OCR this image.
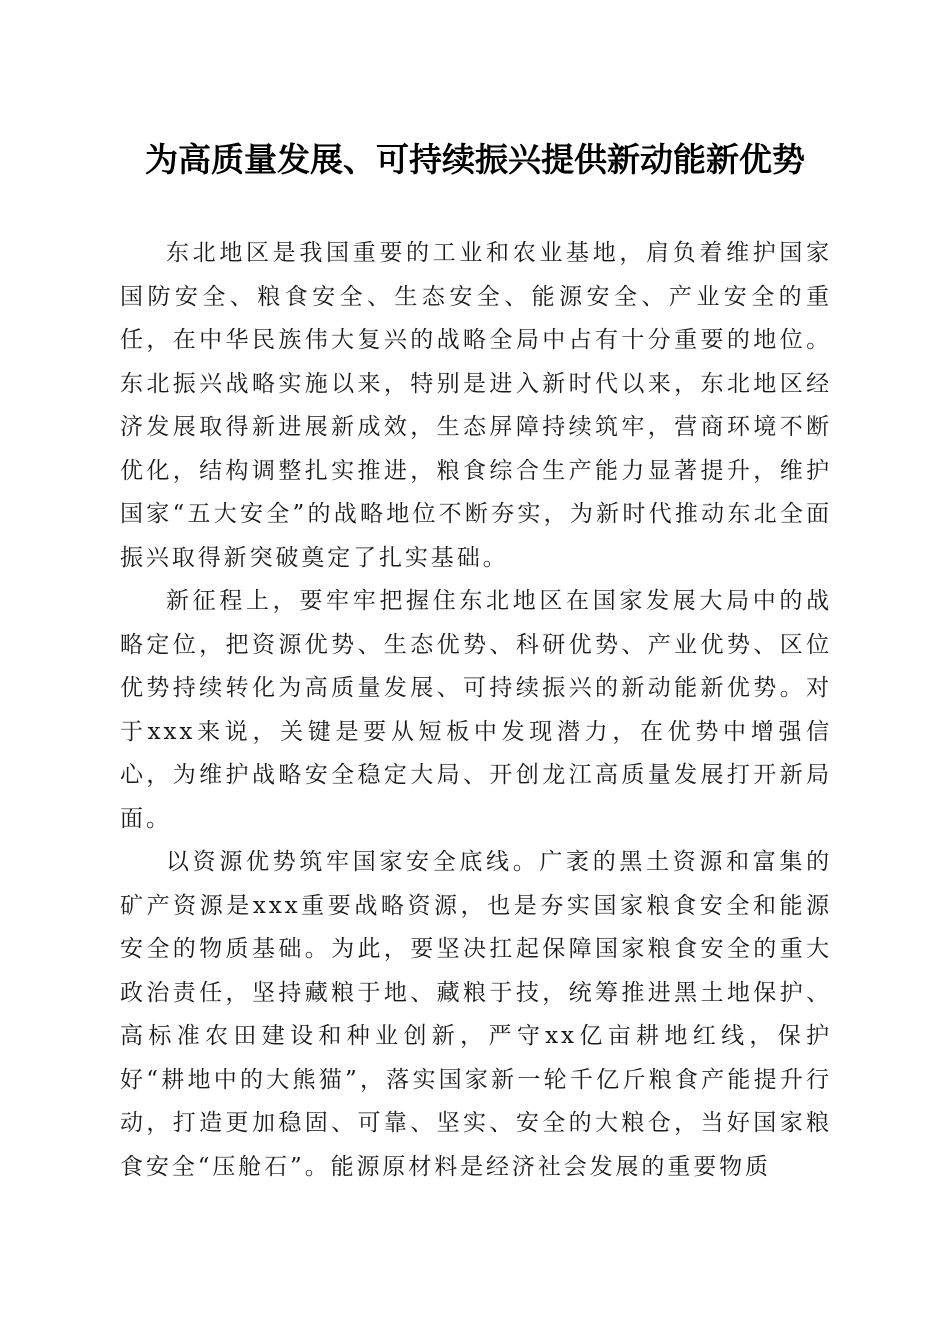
为高质量发展、可持续振兴提供新动能新优势

东北地区是我国重要的工业和农业基地，肩负着维护国家国防安全、粮食安全、生态安全、能源安全、产业安全的重任，在中华民族伟大复兴的战略全局中占有十分重要的地位。东北振兴战略实施以来，特别是进入新时代以来，东北地区经济发展取得新进展新成效，生态屏障持续筑牢，营商环境不断优化，结构调整扎实推进，粮食综合生产能力显著提升，维护国家“五大安全”的战略地位不断夯实，为新时代推动东北全面振兴取得新突破奠定了扎实基础。

新征程上，要牢牢把握住东北地区在国家发展大局中的战略定位，把资源优势、生态优势、科研优势、产业优势、区位优势持续转化为高质量发展、可持续振兴的新动能新优势。对于xxx来说，关键是要从短板中发现潜力，在优势中增强信心，为维护战略安全稳定大局、开创龙江高质量发展打开新局面。

以资源优势筑牢国家安全底线。广袤的黑土资源和富集的矿产资源是xxx重要战略资源，也是夯实国家粮食安全和能源安全的物质基础。为此，要坚决扛起保障国家粮食安全的重大政治责任，坚持藏粮于地、藏粮于技，统筹推进黑土地保护、高标准农田建设和种业创新，严守xx亿亩耕地红线，保护好“耕地中的大熊猫”，落实国家新一轮千亿斤粮食产能提升行动，打造更加稳固、可靠、坚实、安全的大粮仓，当好国家粮食安全“压舱石”。能源原材料是经济社会发展的重要物质
